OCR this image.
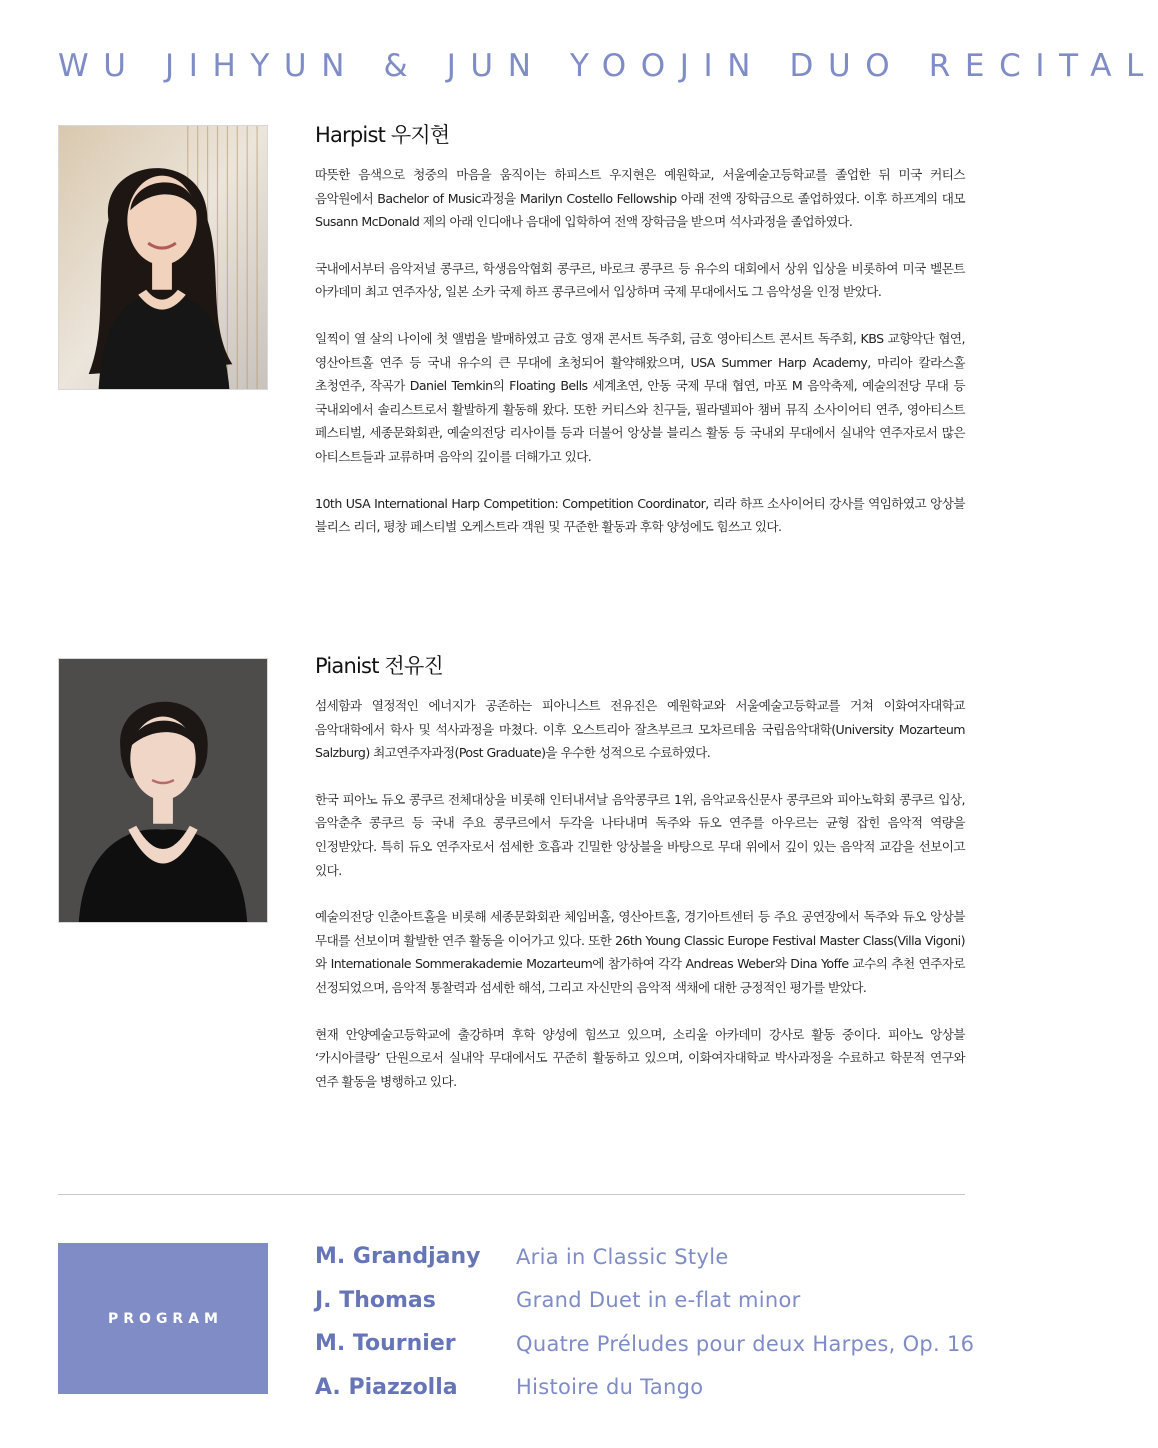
WU JIHYUN & JUN YOOJIN DUO RECITAL
Harpist 우지현

따뜻한 음색으로 청중의 마음을 움직이는 하피스트 우지현은 예원학교, 서울예술고등학교를 졸업한 뒤 미국 커티스 음악원에서 Bachelor of Music과정을 Marilyn Costello Fellowship 아래 전액 장학금으로 졸업하였다. 이후 하프계의 대모 Susann McDonald 제의 아래 인디애나 음대에 입학하여 전액 장학금을 받으며 석사과정을 졸업하였다.

국내에서부터 음악저널 콩쿠르, 학생음악협회 콩쿠르, 바로크 콩쿠르 등 유수의 대회에서 상위 입상을 비롯하여 미국 벨몬트 아카데미 최고 연주자상, 일본 소카 국제 하프 콩쿠르에서 입상하며 국제 무대에서도 그 음악성을 인정 받았다.

일찍이 열 살의 나이에 첫 앨범을 발매하였고 금호 영재 콘서트 독주회, 금호 영아티스트 콘서트 독주회, KBS 교향악단 협연, 영산아트홀 연주 등 국내 유수의 큰 무대에 초청되어 활약해왔으며, USA Summer Harp Academy, 마리아 칼라스홀 초청연주, 작곡가 Daniel Temkin의 Floating Bells 세계초연, 안동 국제 무대 협연, 마포 M 음악축제, 예술의전당 무대 등 국내외에서 솔리스트로서 활발하게 활동해 왔다. 또한 커티스와 친구들, 필라델피아 챔버 뮤직 소사이어티 연주, 영아티스트 페스티벌, 세종문화회관, 예술의전당 리사이틀 등과 더불어 앙상블 블리스 활동 등 국내외 무대에서 실내악 연주자로서 많은 아티스트들과 교류하며 음악의 깊이를 더해가고 있다.

10th USA International Harp Competition: Competition Coordinator, 리라 하프 소사이어티 강사를 역임하였고 앙상블 블리스 리더, 평창 페스티벌 오케스트라 객원 및 꾸준한 활동과 후학 양성에도 힘쓰고 있다.

Pianist 전유진

섬세함과 열정적인 에너지가 공존하는 피아니스트 전유진은 예원학교와 서울예술고등학교를 거쳐 이화여자대학교 음악대학에서 학사 및 석사과정을 마쳤다. 이후 오스트리아 잘츠부르크 모차르테움 국립음악대학(University Mozarteum Salzburg) 최고연주자과정(Post Graduate)을 우수한 성적으로 수료하였다.

한국 피아노 듀오 콩쿠르 전체대상을 비롯해 인터내셔날 음악콩쿠르 1위, 음악교육신문사 콩쿠르와 피아노학회 콩쿠르 입상, 음악춘추 콩쿠르 등 국내 주요 콩쿠르에서 두각을 나타내며 독주와 듀오 연주를 아우르는 균형 잡힌 음악적 역량을 인정받았다. 특히 듀오 연주자로서 섬세한 호흡과 긴밀한 앙상블을 바탕으로 무대 위에서 깊이 있는 음악적 교감을 선보이고 있다.

예술의전당 인춘아트홀을 비롯해 세종문화회관 체임버홀, 영산아트홀, 경기아트센터 등 주요 공연장에서 독주와 듀오 앙상블 무대를 선보이며 활발한 연주 활동을 이어가고 있다. 또한 26th Young Classic Europe Festival Master Class(Villa Vigoni)와 Internationale Sommerakademie Mozarteum에 참가하여 각각 Andreas Weber와 Dina Yoffe 교수의 추천 연주자로 선정되었으며, 음악적 통찰력과 섬세한 해석, 그리고 자신만의 음악적 색채에 대한 긍정적인 평가를 받았다.

현재 안양예술고등학교에 출강하며 후학 양성에 힘쓰고 있으며, 소리울 아카데미 강사로 활동 중이다. 피아노 앙상블 ‘카시아클랑’ 단원으로서 실내악 무대에서도 꾸준히 활동하고 있으며, 이화여자대학교 박사과정을 수료하고 학문적 연구와 연주 활동을 병행하고 있다.

PROGRAM
M. Grandjany	Aria in Classic Style
J. Thomas	Grand Duet in e-flat minor
M. Tournier	Quatre Préludes pour deux Harpes, Op. 16
A. Piazzolla	Histoire du Tango
